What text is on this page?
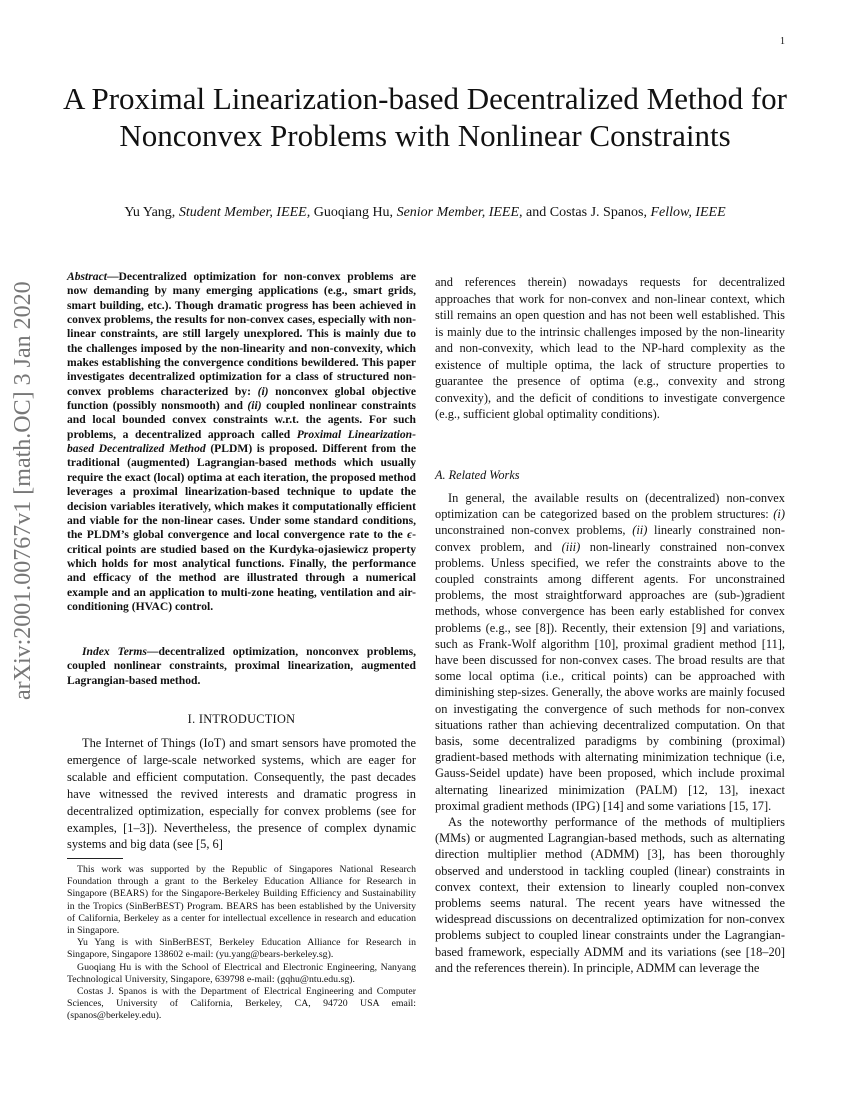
1
A Proximal Linearization-based Decentralized Method for Nonconvex Problems with Nonlinear Constraints
Yu Yang, Student Member, IEEE, Guoqiang Hu, Senior Member, IEEE, and Costas J. Spanos, Fellow, IEEE
arXiv:2001.00767v1 [math.OC] 3 Jan 2020
Abstract—Decentralized optimization for non-convex problems are now demanding by many emerging applications (e.g., smart grids, smart building, etc.). Though dramatic progress has been achieved in convex problems, the results for non-convex cases, especially with non-linear constraints, are still largely unexplored. This is mainly due to the challenges imposed by the non-linearity and non-convexity, which makes establishing the convergence conditions bewildered. This paper investigates decentralized optimization for a class of structured non-convex problems characterized by: (i) nonconvex global objective function (possibly nonsmooth) and (ii) coupled nonlinear constraints and local bounded convex constraints w.r.t. the agents. For such problems, a decentralized approach called Proximal Linearization-based Decentralized Method (PLDM) is proposed. Different from the traditional (augmented) Lagrangian-based methods which usually require the exact (local) optima at each iteration, the proposed method leverages a proximal linearization-based technique to update the decision variables iteratively, which makes it computationally efficient and viable for the non-linear cases. Under some standard conditions, the PLDM’s global convergence and local convergence rate to the ϵ-critical points are studied based on the Kurdyka-ojasiewicz property which holds for most analytical functions. Finally, the performance and efficacy of the method are illustrated through a numerical example and an application to multi-zone heating, ventilation and air-conditioning (HVAC) control.
Index Terms—decentralized optimization, nonconvex problems, coupled nonlinear constraints, proximal linearization, augmented Lagrangian-based method.
I. INTRODUCTION
The Internet of Things (IoT) and smart sensors have promoted the emergence of large-scale networked systems, which are eager for scalable and efficient computation. Consequently, the past decades have witnessed the revived interests and dramatic progress in decentralized optimization, especially for convex problems (see for examples, [1–3]). Nevertheless, the presence of complex dynamic systems and big data (see [5, 6]

This work was supported by the Republic of Singapores National Research Foundation through a grant to the Berkeley Education Alliance for Research in Singapore (BEARS) for the Singapore-Berkeley Building Efficiency and Sustainability in the Tropics (SinBerBEST) Program. BEARS has been established by the University of California, Berkeley as a center for intellectual excellence in research and education in Singapore.

Yu Yang is with SinBerBEST, Berkeley Education Alliance for Research in Singapore, Singapore 138602 e-mail: (yu.yang@bears-berkeley.sg).

Guoqiang Hu is with the School of Electrical and Electronic Engineering, Nanyang Technological University, Singapore, 639798 e-mail: (gqhu@ntu.edu.sg).

Costas J. Spanos is with the Department of Electrical Engineering and Computer Sciences, University of California, Berkeley, CA, 94720 USA email: (spanos@berkeley.edu).

and references therein) nowadays requests for decentralized approaches that work for non-convex and non-linear context, which still remains an open question and has not been well established. This is mainly due to the intrinsic challenges imposed by the non-linearity and non-convexity, which lead to the NP-hard complexity as the existence of multiple optima, the lack of structure properties to guarantee the presence of optima (e.g., convexity and strong convexity), and the deficit of conditions to investigate convergence (e.g., sufficient global optimality conditions).
A. Related Works

In general, the available results on (decentralized) non-convex optimization can be categorized based on the problem structures: (i) unconstrained non-convex problems, (ii) linearly constrained non-convex problem, and (iii) non-linearly constrained non-convex problems. Unless specified, we refer the constraints above to the coupled constraints among different agents. For unconstrained problems, the most straightforward approaches are (sub-)gradient methods, whose convergence has been early established for convex problems (e.g., see [8]). Recently, their extension [9] and variations, such as Frank-Wolf algorithm [10], proximal gradient method [11], have been discussed for non-convex cases. The broad results are that some local optima (i.e., critical points) can be approached with diminishing step-sizes. Generally, the above works are mainly focused on investigating the convergence of such methods for non-convex situations rather than achieving decentralized computation. On that basis, some decentralized paradigms by combining (proximal) gradient-based methods with alternating minimization technique (i.e, Gauss-Seidel update) have been proposed, which include proximal alternating linearized minimization (PALM) [12, 13], inexact proximal gradient methods (IPG) [14] and some variations [15, 17].

As the noteworthy performance of the methods of multipliers (MMs) or augmented Lagrangian-based methods, such as alternating direction multiplier method (ADMM) [3], has been thoroughly observed and understood in tackling coupled (linear) constraints in convex context, their extension to linearly coupled non-convex problems seems natural. The recent years have witnessed the widespread discussions on decentralized optimization for non-convex problems subject to coupled linear constraints under the Lagrangian-based framework, especially ADMM and its variations (see [18–20] and the references therein). In principle, ADMM can leverage the
